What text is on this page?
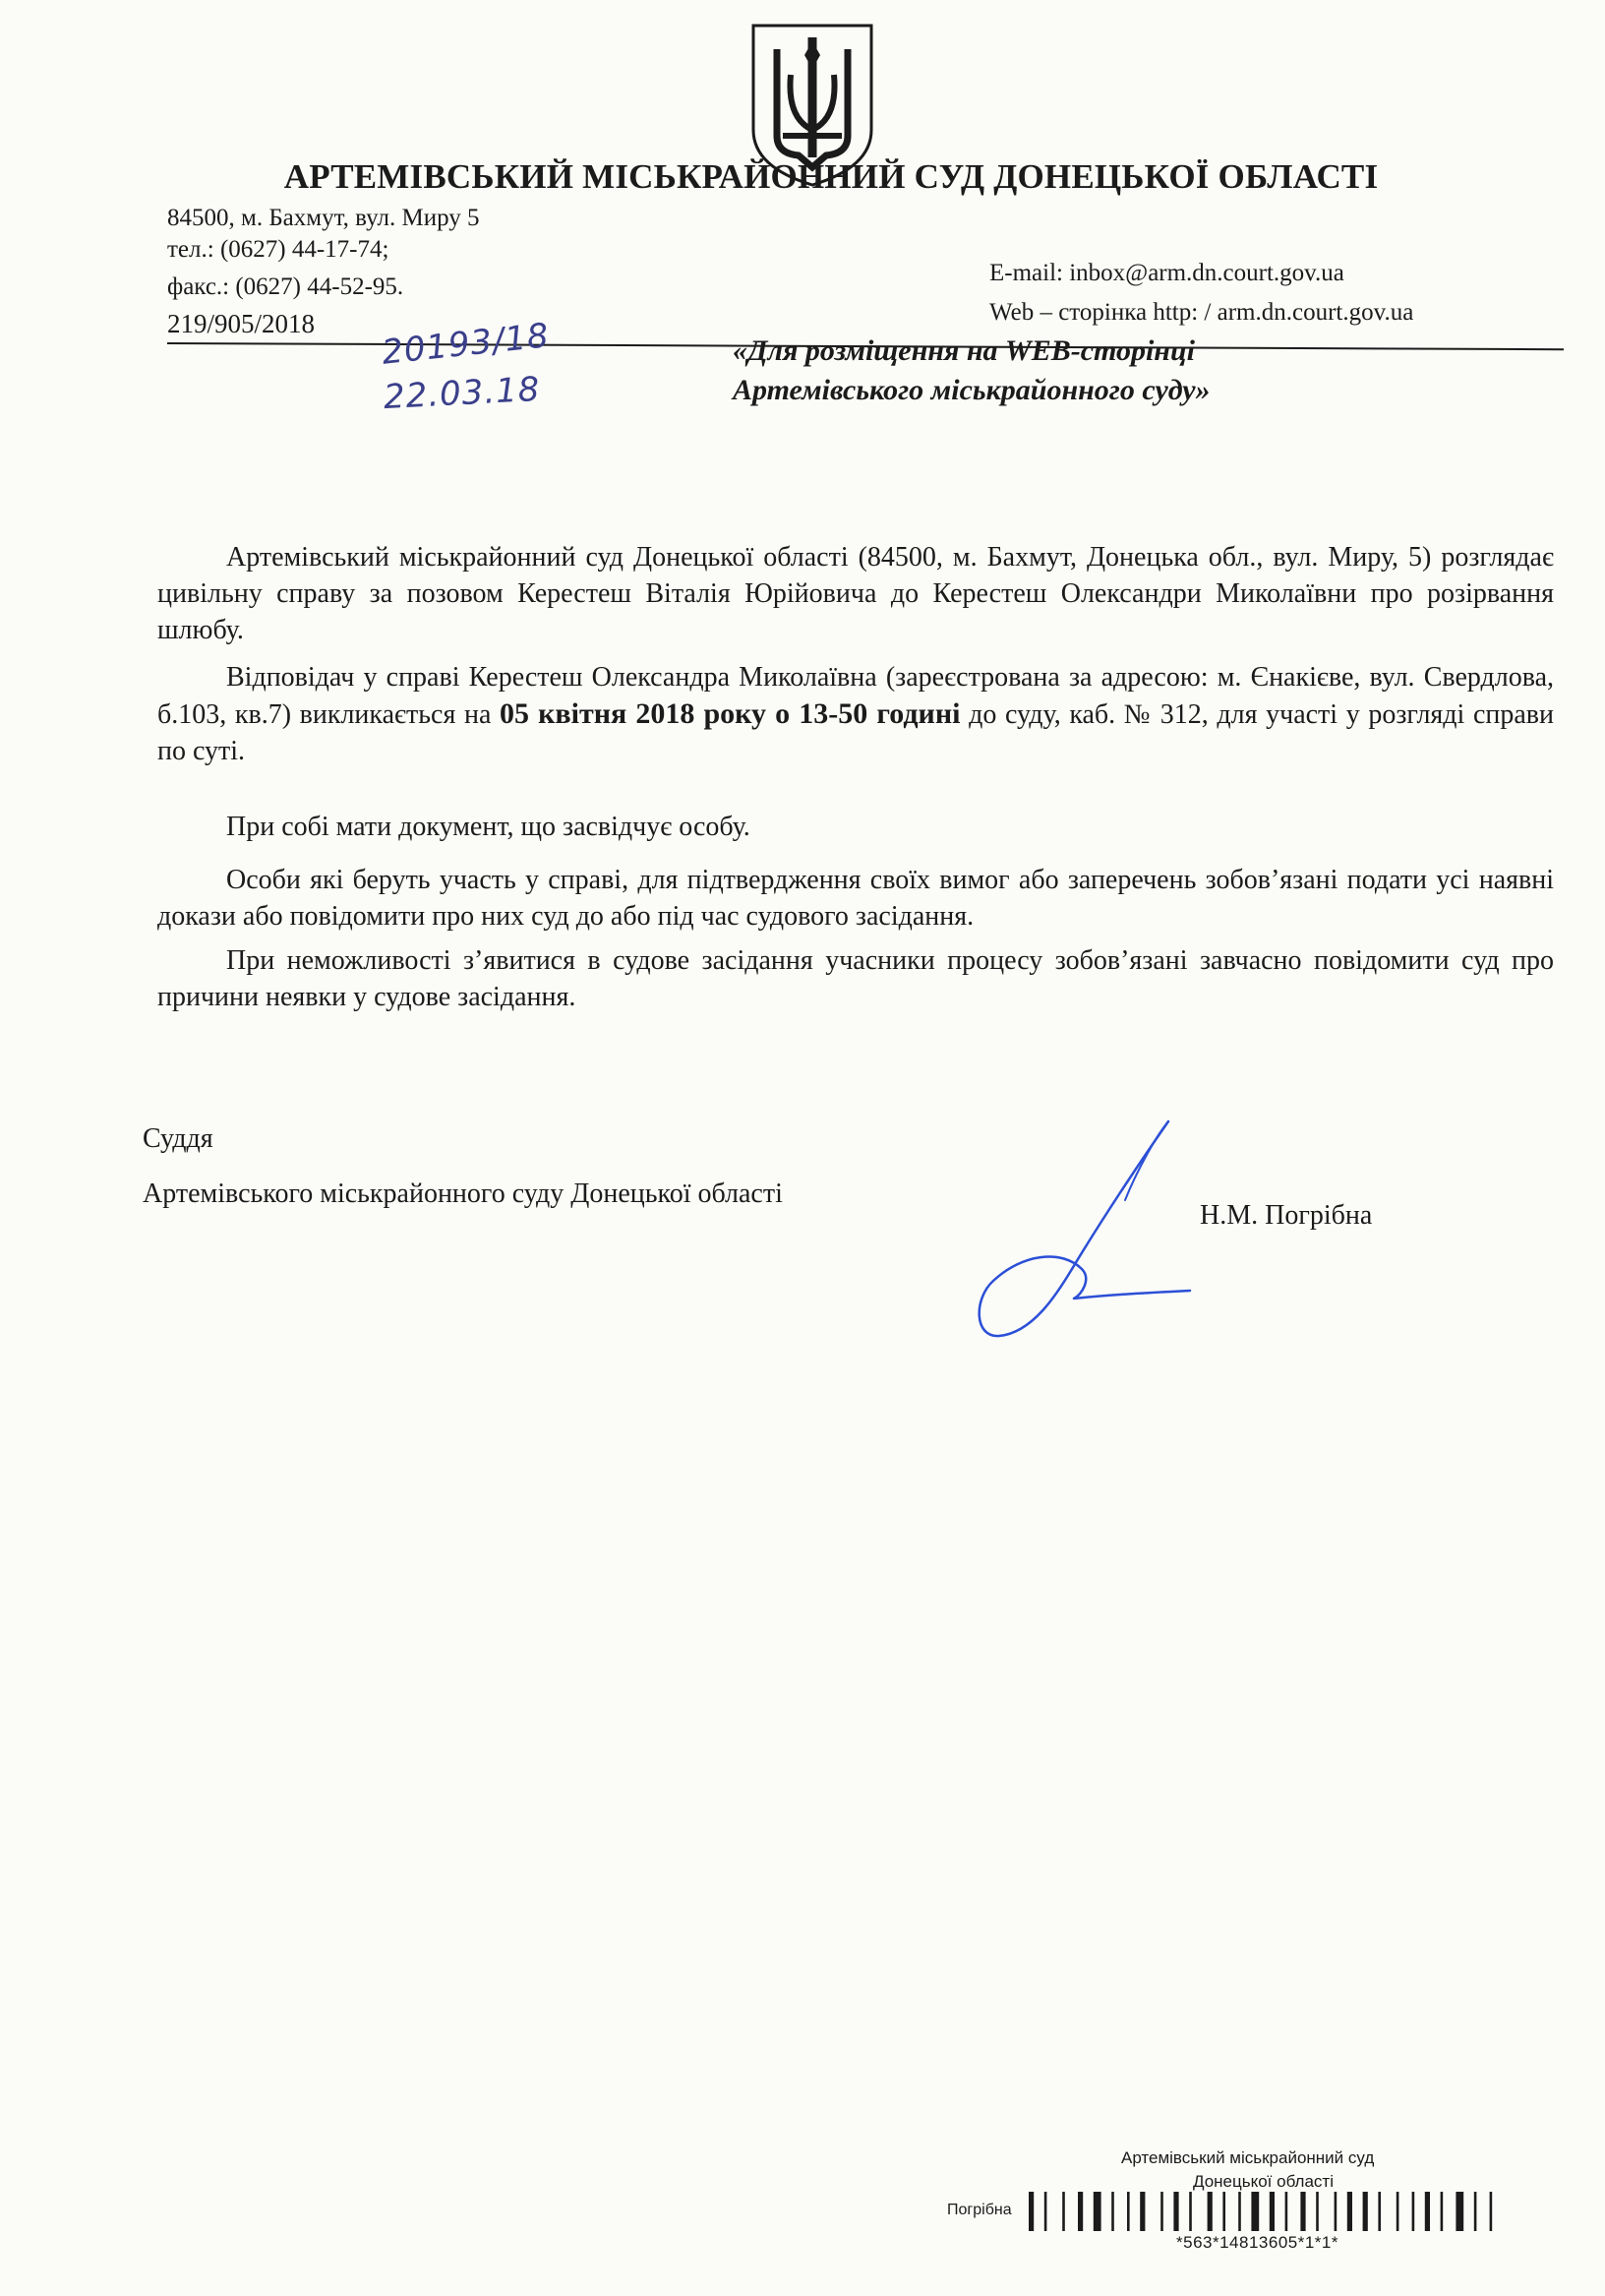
АРТЕМІВСЬКИЙ МІСЬКРАЙОННИЙ СУД ДОНЕЦЬКОЇ ОБЛАСТІ
84500, м. Бахмут, вул. Миру 5
тел.: (0627) 44-17-74;
факс.: (0627) 44-52-95.
E-mail: inbox@arm.dn.court.gov.ua
Web – сторінка http: / arm.dn.court.gov.ua
219/905/2018 20193/18
22.03.18
«Для розміщення на WEB-сторінці
Артемівського міськрайонного суду»
Артемівський міськрайонний суд Донецької області (84500, м. Бахмут, Донецька обл., вул. Миру, 5) розглядає цивільну справу за позовом Керестеш Віталія Юрійовича до Керестеш Олександри Миколаївни про розірвання шлюбу.
Відповідач у справі Керестеш Олександра Миколаївна (зареєстрована за адресою: м. Єнакієве, вул. Свердлова, б.103, кв.7) викликається на 05 квітня 2018 року о 13-50 годині до суду, каб. № 312, для участі у розгляді справи по суті.
При собі мати документ, що засвідчує особу.
Особи які беруть участь у справі, для підтвердження своїх вимог або заперечень зобов’язані подати усі наявні докази або повідомити про них суд до або під час судового засідання.
При неможливості з’явитися в судове засідання учасники процесу зобов’язані завчасно повідомити суд про причини неявки у судове засідання.
Суддя
Артемівського міськрайонного суду Донецької області
Н.М. Погрібна
Артемівський міськрайонний суд
Донецької області
Погрібна
*563*14813605*1*1*
